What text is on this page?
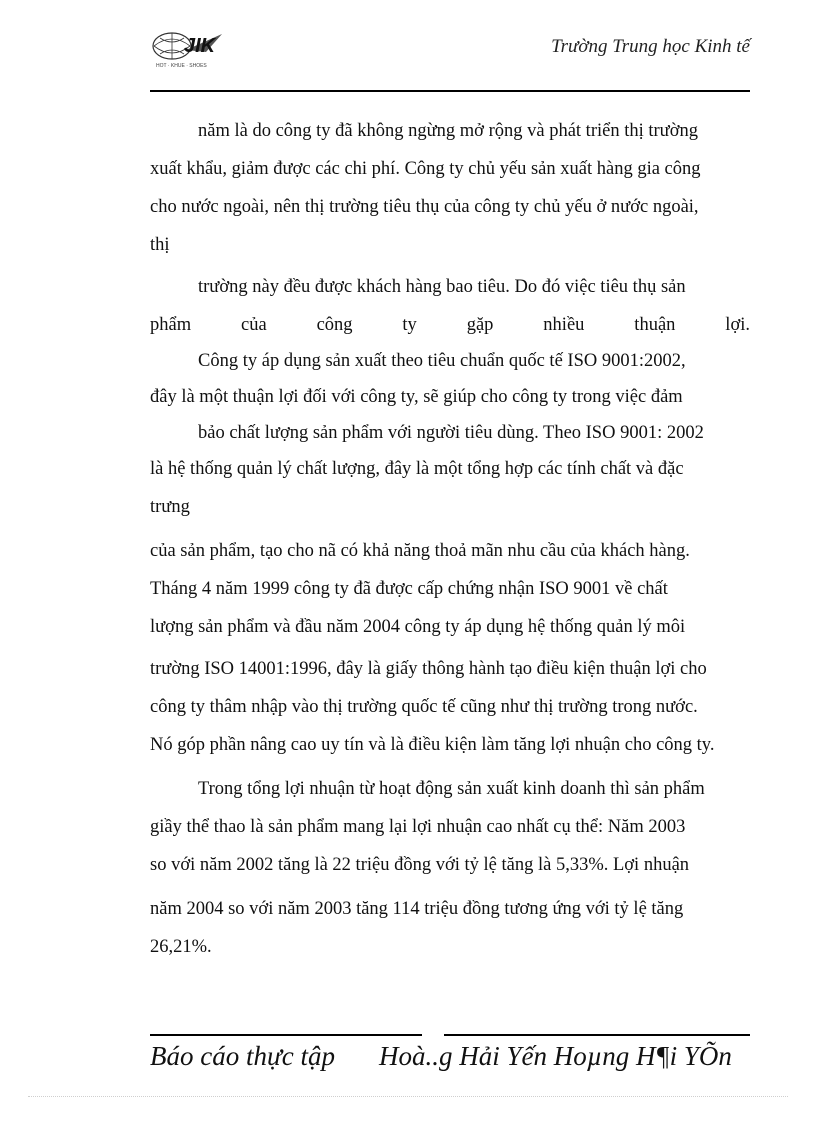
JIK
HOT · KHUE · SHOES
Trường Trung học Kinh tế
năm là do công ty đã không ngừng mở rộng và phát triển thị trường
xuất khẩu, giảm được các chi phí. Công ty chủ yếu sản xuất hàng gia công
cho nước ngoài, nên thị trường tiêu thụ của công ty chủ yếu ở nước ngoài,
thị
trường này đều được khách hàng bao tiêu. Do đó việc tiêu thụ sản
phẩm của công ty gặp nhiều thuận lợi.
Công ty áp dụng sản xuất theo tiêu chuẩn quốc tế ISO 9001:2002,
đây là một thuận lợi đối với công ty, sẽ giúp cho công ty trong việc đảm
bảo chất lượng sản phẩm với người tiêu dùng. Theo ISO 9001: 2002
là hệ thống quản lý chất lượng, đây là một tổng hợp các tính chất và đặc
trưng
của sản phẩm, tạo cho nã có khả năng thoả mãn nhu cầu của khách hàng.
Tháng 4 năm 1999 công ty đã được cấp chứng nhận ISO 9001 về chất
lượng sản phẩm và đầu năm 2004 công ty áp dụng hệ thống quản lý môi
trường ISO 14001:1996, đây là giấy thông hành tạo điều kiện thuận lợi cho
công ty thâm nhập vào thị trường quốc tế cũng như thị trường trong nước.
Nó góp phần nâng cao uy tín và là điều kiện làm tăng lợi nhuận cho công ty.
Trong tổng lợi nhuận từ hoạt động sản xuất kinh doanh thì sản phẩm
giầy thể thao là sản phẩm mang lại lợi nhuận cao nhất cụ thể: Năm 2003
so với năm 2002 tăng là 22 triệu đồng với tỷ lệ tăng là 5,33%. Lợi nhuận
năm 2004 so với năm 2003 tăng 114 triệu đồng tương ứng với tỷ lệ tăng
26,21%.
Báo cáo thực tập Hoà..g Hải Yến Hoµng H¶i YÕn
